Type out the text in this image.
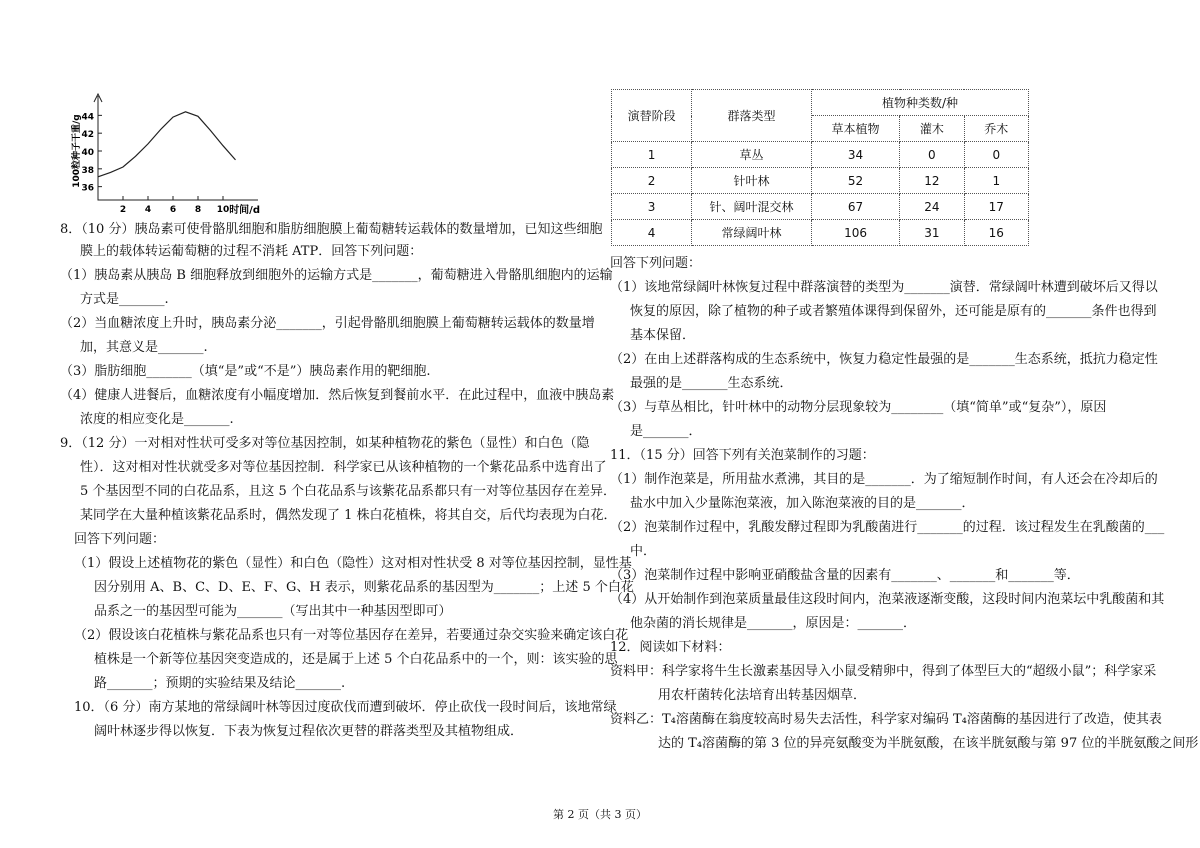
36
38
40
42
44
2 4 6 8 10 时间/d
100粒种子干重/g
8．（10 分）胰岛素可使骨骼肌细胞和脂肪细胞膜上葡萄糖转运载体的数量增加，已知这些细胞
膜上的载体转运葡萄糖的过程不消耗 ATP．回答下列问题：
（1）胰岛素从胰岛 B 细胞释放到细胞外的运输方式是_______，葡萄糖进入骨骼肌细胞内的运输
方式是_______.
（2）当血糖浓度上升时，胰岛素分泌_______，引起骨骼肌细胞膜上葡萄糖转运载体的数量增
加，其意义是_______.
（3）脂肪细胞_______（填“是”或“不是”）胰岛素作用的靶细胞.
（4）健康人进餐后，血糖浓度有小幅度增加．然后恢复到餐前水平．在此过程中，血液中胰岛素
浓度的相应变化是_______.
9．（12 分）一对相对性状可受多对等位基因控制，如某种植物花的紫色（显性）和白色（隐
性）．这对相对性状就受多对等位基因控制．科学家已从该种植物的一个紫花品系中选育出了
5 个基因型不同的白花品系，且这 5 个白花品系与该紫花品系都只有一对等位基因存在差异．
某同学在大量种植该紫花品系时，偶然发现了 1 株白花植株，将其自交，后代均表现为白花．
回答下列问题：
（1）假设上述植物花的紫色（显性）和白色（隐性）这对相对性状受 8 对等位基因控制，显性基
因分别用 A、B、C、D、E、F、G、H 表示，则紫花品系的基因型为_______；上述 5 个白花
品系之一的基因型可能为_______（写出其中一种基因型即可）
（2）假设该白花植株与紫花品系也只有一对等位基因存在差异，若要通过杂交实验来确定该白花
植株是一个新等位基因突变造成的，还是属于上述 5 个白花品系中的一个，则：该实验的思
路_______；预期的实验结果及结论_______.
10．（6 分）南方某地的常绿阔叶林等因过度砍伐而遭到破坏．停止砍伐一段时间后，该地常绿
阔叶林逐步得以恢复．下表为恢复过程依次更替的群落类型及其植物组成．
演替阶段	群落类型	植物种类数/种		
		草本植物	灌木	乔木
1	草丛	34	0	0
2	针叶林	52	12	1
3	针、阔叶混交林	67	24	17
4	常绿阔叶林	106	31	16
回答下列问题：
（1）该地常绿阔叶林恢复过程中群落演替的类型为_______演替．常绿阔叶林遭到破坏后又得以
恢复的原因，除了植物的种子或者繁殖体课得到保留外，还可能是原有的_______条件也得到
基本保留．
（2）在由上述群落构成的生态系统中，恢复力稳定性最强的是_______生态系统，抵抗力稳定性
最强的是_______生态系统．
（3）与草丛相比，针叶林中的动物分层现象较为________（填“简单”或“复杂”），原因
是_______．
11．（15 分）回答下列有关泡菜制作的习题：
（1）制作泡菜是，所用盐水煮沸，其目的是_______．为了缩短制作时间，有人还会在冷却后的
盐水中加入少量陈泡菜液，加入陈泡菜液的目的是_______．
（2）泡菜制作过程中，乳酸发酵过程即为乳酸菌进行_______的过程．该过程发生在乳酸菌的___
中．
（3）泡菜制作过程中影响亚硝酸盐含量的因素有_______、_______和_______等．
（4）从开始制作到泡菜质量最佳这段时间内，泡菜液逐渐变酸，这段时间内泡菜坛中乳酸菌和其
他杂菌的消长规律是_______，原因是：_______．
12．阅读如下材料：
资料甲：科学家将牛生长激素基因导入小鼠受精卵中，得到了体型巨大的“超级小鼠”；科学家采
用农杆菌转化法培育出转基因烟草．
资料乙：T₄溶菌酶在翁度较高时易失去活性，科学家对编码 T₄溶菌酶的基因进行了改造，使其表
达的 T₄溶菌酶的第 3 位的异亮氨酸变为半胱氨酸，在该半胱氨酸与第 97 位的半胱氨酸之间形
第 2 页（共 3 页）
